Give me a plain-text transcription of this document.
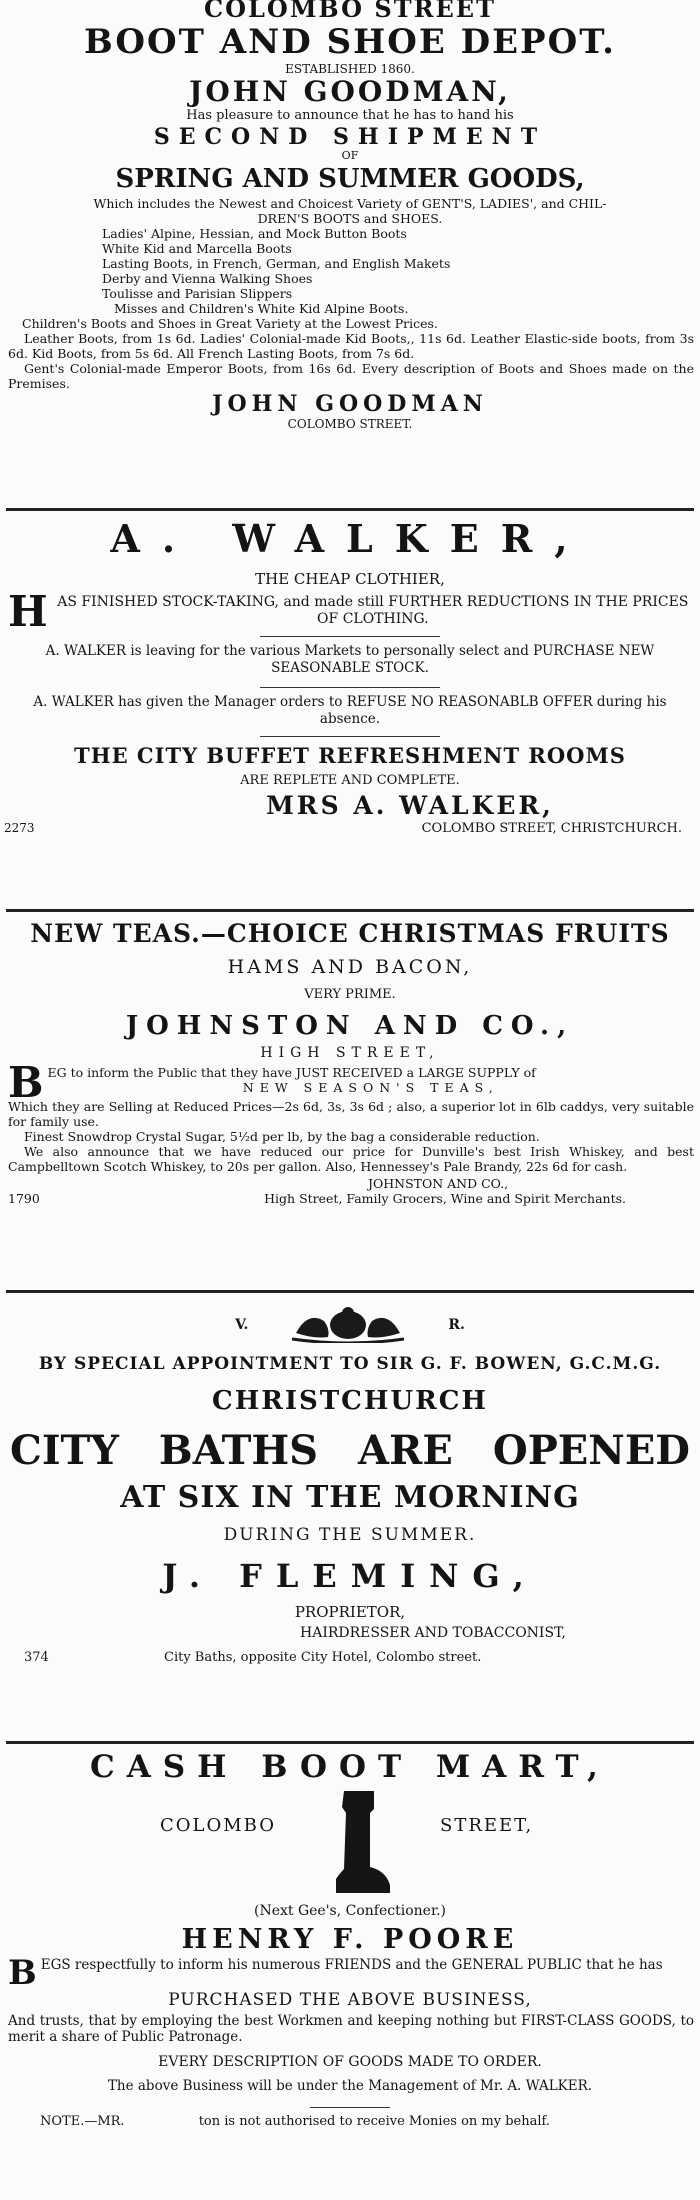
COLOMBO STREET
BOOT AND SHOE DEPOT.
ESTABLISHED 1860.
JOHN GOODMAN,
Has pleasure to announce that he has to hand his
SECOND SHIPMENT
OF
SPRING AND SUMMER GOODS,
Which includes the Newest and Choicest Variety of GENT'S, LADIES', and CHIL-
DREN'S BOOTS and SHOES.
Ladies' Alpine, Hessian, and Mock Button Boots
White Kid and Marcella Boots
Lasting Boots, in French, German, and English Makets
Derby and Vienna Walking Shoes
Toulisse and Parisian Slippers
Misses and Children's White Kid Alpine Boots.
Children's Boots and Shoes in Great Variety at the Lowest Prices.
Leather Boots, from 1s 6d. Ladies' Colonial-made Kid Boots,, 11s 6d. Leather Elastic-side boots, from 3s 6d. Kid Boots, from 5s 6d. All French Lasting Boots, from 7s 6d.
Gent's Colonial-made Emperor Boots, from 16s 6d. Every description of Boots and Shoes made on the Premises.
JOHN GOODMAN
COLOMBO STREET.
A. WALKER,
THE CHEAP CLOTHIER,
H AS FINISHED STOCK-TAKING, and made still FURTHER REDUCTIONS IN THE PRICES OF CLOTHING.
A. WALKER is leaving for the various Markets to personally select and PURCHASE NEW SEASONABLE STOCK.
A. WALKER has given the Manager orders to REFUSE NO REASONABLB OFFER during his absence.
THE CITY BUFFET REFRESHMENT ROOMS
ARE REPLETE AND COMPLETE.
MRS A. WALKER,
2273	COLOMBO STREET, CHRISTCHURCH.
NEW TEAS.—CHOICE CHRISTMAS FRUITS
HAMS AND BACON,
VERY PRIME.
JOHNSTON AND CO.,
HIGH STREET,
B EG to inform the Public that they have JUST RECEIVED a LARGE SUPPLY of
NEW SEASON'S TEAS,
Which they are Selling at Reduced Prices—2s 6d, 3s, 3s 6d ; also, a superior lot in 6lb caddys, very suitable for family use.
Finest Snowdrop Crystal Sugar, 5½d per lb, by the bag a considerable reduction.
We also announce that we have reduced our price for Dunville's best Irish Whiskey, and best Campbelltown Scotch Whiskey, to 20s per gallon. Also, Hennessey's Pale Brandy, 22s 6d for cash.
JOHNSTON AND CO.,
1790	High Street, Family Grocers, Wine and Spirit Merchants.
V.	R.
BY SPECIAL APPOINTMENT TO SIR G. F. BOWEN, G.C.M.G.
CHRISTCHURCH
CITY BATHS ARE OPENED
AT SIX IN THE MORNING
DURING THE SUMMER.
J. FLEMING,
PROPRIETOR,
HAIRDRESSER AND TOBACCONIST,
374	City Baths, opposite City Hotel, Colombo street.
CASH BOOT MART,
COLOMBO	STREET,
(Next Gee's, Confectioner.)
HENRY F. POORE
B EGS respectfully to inform his numerous FRIENDS and the GENERAL PUBLIC that he has
PURCHASED THE ABOVE BUSINESS,
And trusts, that by employing the best Workmen and keeping nothing but FIRST-CLASS GOODS, to merit a share of Public Patronage.
EVERY DESCRIPTION OF GOODS MADE TO ORDER.
The above Business will be under the Management of Mr. A. WALKER.
NOTE.—MR.	ton is not authorised to receive Monies on my behalf.
